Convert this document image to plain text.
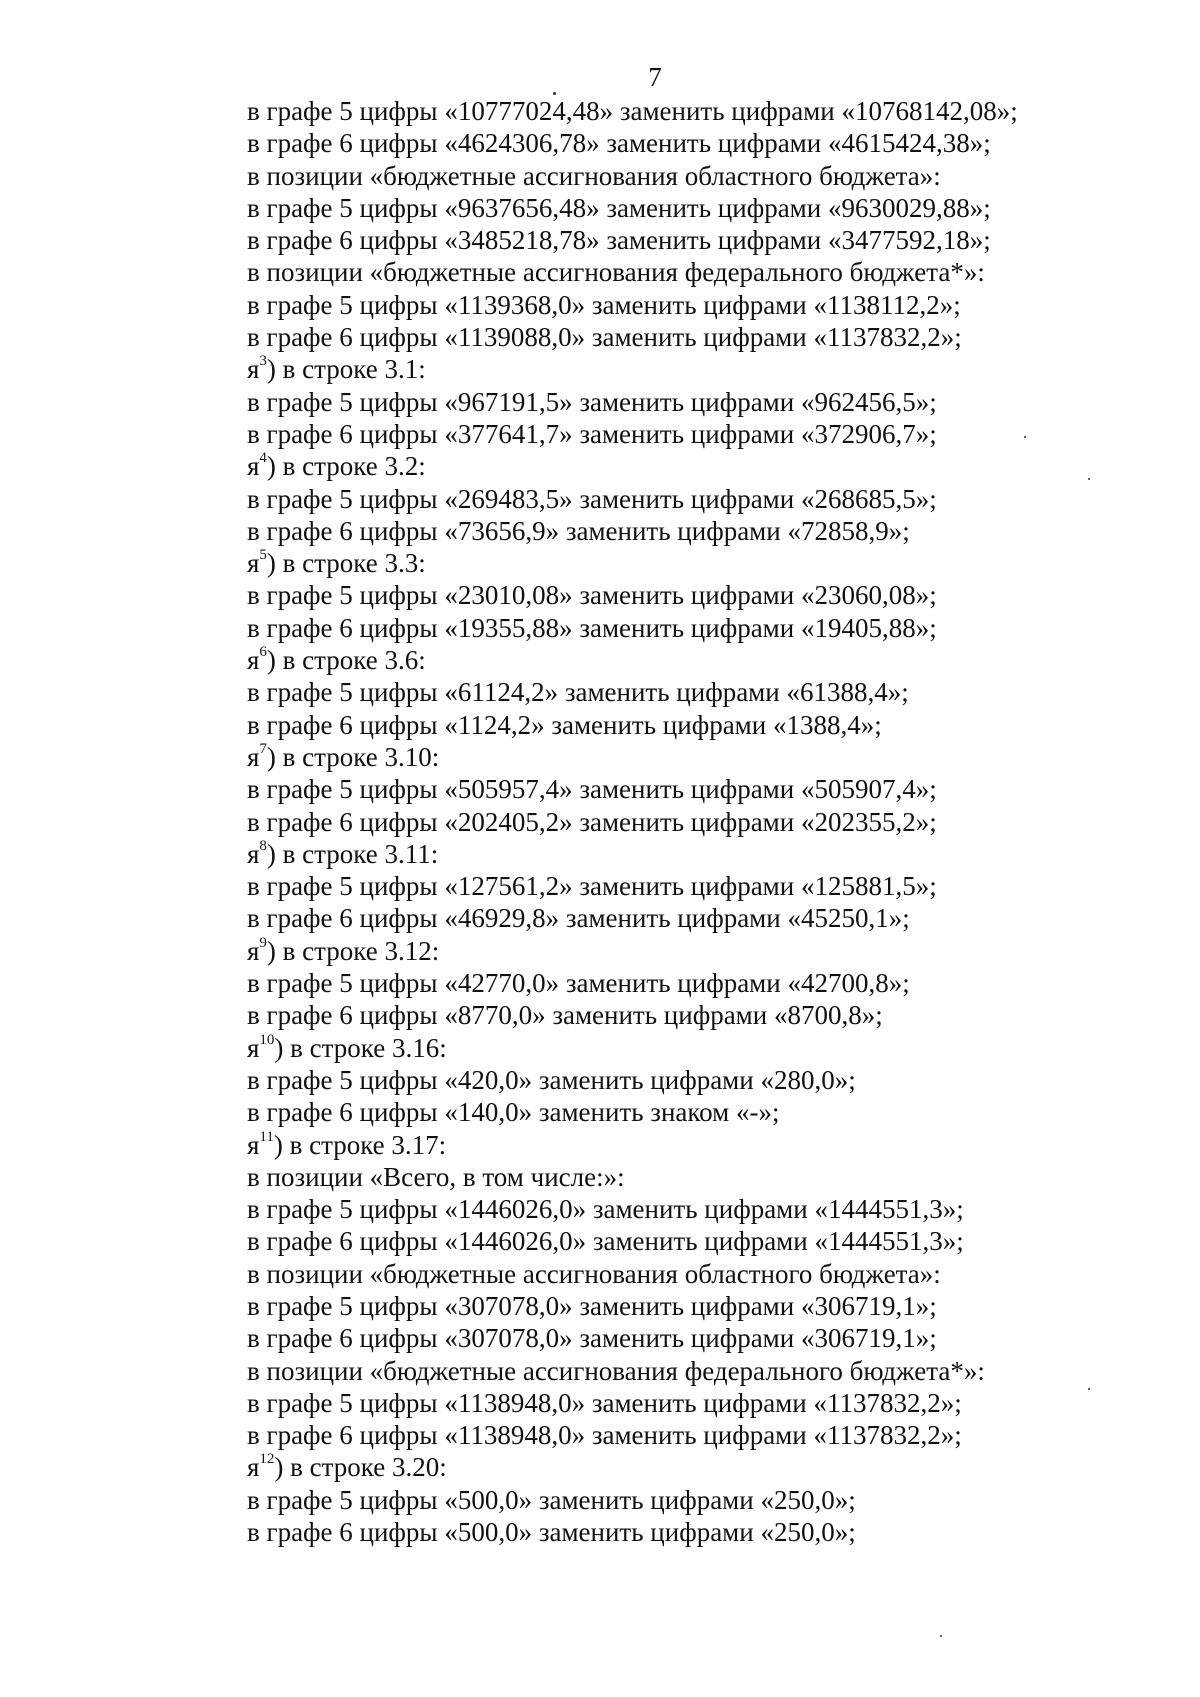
7
в графе 5 цифры «10777024,48» заменить цифрами «10768142,08»;
в графе 6 цифры «4624306,78» заменить цифрами «4615424,38»;
в позиции «бюджетные ассигнования областного бюджета»:
в графе 5 цифры «9637656,48» заменить цифрами «9630029,88»;
в графе 6 цифры «3485218,78» заменить цифрами «3477592,18»;
в позиции «бюджетные ассигнования федерального бюджета*»:
в графе 5 цифры «1139368,0» заменить цифрами «1138112,2»;
в графе 6 цифры «1139088,0» заменить цифрами «1137832,2»;
$я^3$) в строке 3.1:
в графе 5 цифры «967191,5» заменить цифрами «962456,5»;
в графе 6 цифры «377641,7» заменить цифрами «372906,7»;
$я^4$) в строке 3.2:
в графе 5 цифры «269483,5» заменить цифрами «268685,5»;
в графе 6 цифры «73656,9» заменить цифрами «72858,9»;
$я^5$) в строке 3.3:
в графе 5 цифры «23010,08» заменить цифрами «23060,08»;
в графе 6 цифры «19355,88» заменить цифрами «19405,88»;
$я^6$) в строке 3.6:
в графе 5 цифры «61124,2» заменить цифрами «61388,4»;
в графе 6 цифры «1124,2» заменить цифрами «1388,4»;
$я^7$) в строке 3.10:
в графе 5 цифры «505957,4» заменить цифрами «505907,4»;
в графе 6 цифры «202405,2» заменить цифрами «202355,2»;
$я^8$) в строке 3.11:
в графе 5 цифры «127561,2» заменить цифрами «125881,5»;
в графе 6 цифры «46929,8» заменить цифрами «45250,1»;
$я^9$) в строке 3.12:
в графе 5 цифры «42770,0» заменить цифрами «42700,8»;
в графе 6 цифры «8770,0» заменить цифрами «8700,8»;
$я^{10}$) в строке 3.16:
в графе 5 цифры «420,0» заменить цифрами «280,0»;
в графе 6 цифры «140,0» заменить знаком «-»;
$я^{11}$) в строке 3.17:
в позиции «Всего, в том числе:»:
в графе 5 цифры «1446026,0» заменить цифрами «1444551,3»;
в графе 6 цифры «1446026,0» заменить цифрами «1444551,3»;
в позиции «бюджетные ассигнования областного бюджета»:
в графе 5 цифры «307078,0» заменить цифрами «306719,1»;
в графе 6 цифры «307078,0» заменить цифрами «306719,1»;
в позиции «бюджетные ассигнования федерального бюджета*»:
в графе 5 цифры «1138948,0» заменить цифрами «1137832,2»;
в графе 6 цифры «1138948,0» заменить цифрами «1137832,2»;
$я^{12}$) в строке 3.20:
в графе 5 цифры «500,0» заменить цифрами «250,0»;
в графе 6 цифры «500,0» заменить цифрами «250,0»;
